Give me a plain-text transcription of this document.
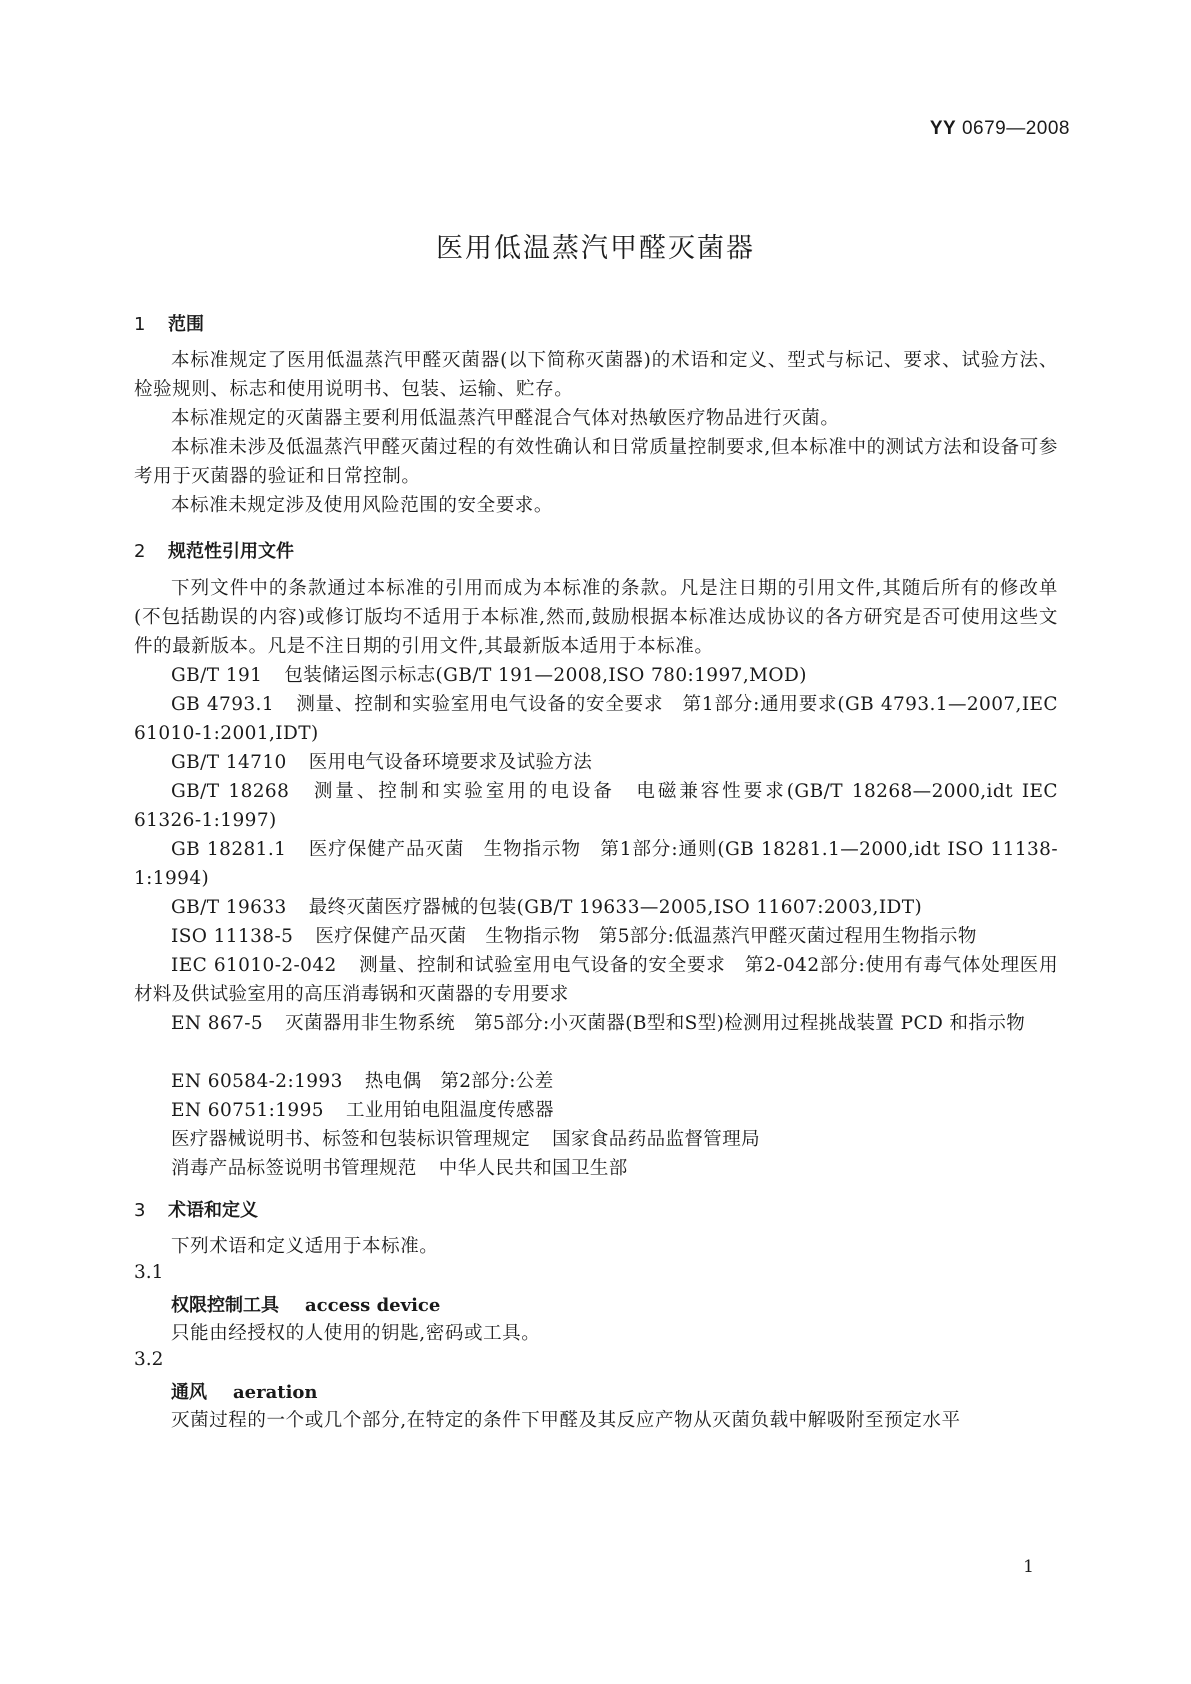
YY 0679—2008
医用低温蒸汽甲醛灭菌器
1 范围
本标准规定了医用低温蒸汽甲醛灭菌器(以下简称灭菌器)的术语和定义、型式与标记、要求、试验方法、检验规则、标志和使用说明书、包装、运输、贮存。
本标准规定的灭菌器主要利用低温蒸汽甲醛混合气体对热敏医疗物品进行灭菌。
本标准未涉及低温蒸汽甲醛灭菌过程的有效性确认和日常质量控制要求,但本标准中的测试方法和设备可参考用于灭菌器的验证和日常控制。
本标准未规定涉及使用风险范围的安全要求。
2 规范性引用文件
下列文件中的条款通过本标准的引用而成为本标准的条款。凡是注日期的引用文件,其随后所有的修改单(不包括勘误的内容)或修订版均不适用于本标准,然而,鼓励根据本标准达成协议的各方研究是否可使用这些文件的最新版本。凡是不注日期的引用文件,其最新版本适用于本标准。
GB/T 191 包装储运图示标志(GB/T 191—2008,ISO 780:1997,MOD)
GB 4793.1 测量、控制和实验室用电气设备的安全要求　第1部分:通用要求(GB 4793.1—2007,IEC 61010-1:2001,IDT)
GB/T 14710 医用电气设备环境要求及试验方法
GB/T 18268 测量、控制和实验室用的电设备　电磁兼容性要求(GB/T 18268—2000,idt IEC 61326-1:1997)
GB 18281.1 医疗保健产品灭菌　生物指示物　第1部分:通则(GB 18281.1—2000,idt ISO 11138-1:1994)
GB/T 19633 最终灭菌医疗器械的包装(GB/T 19633—2005,ISO 11607:2003,IDT)
ISO 11138-5 医疗保健产品灭菌　生物指示物　第5部分:低温蒸汽甲醛灭菌过程用生物指示物
IEC 61010-2-042 测量、控制和试验室用电气设备的安全要求　第2-042部分:使用有毒气体处理医用材料及供试验室用的高压消毒锅和灭菌器的专用要求
EN 867-5 灭菌器用非生物系统　第5部分:小灭菌器(B型和S型)检测用过程挑战装置 PCD 和指示物
EN 60584-2:1993 热电偶　第2部分:公差
EN 60751:1995 工业用铂电阻温度传感器
医疗器械说明书、标签和包装标识管理规定 国家食品药品监督管理局
消毒产品标签说明书管理规范 中华人民共和国卫生部
3 术语和定义
下列术语和定义适用于本标准。
3.1
权限控制工具 access device
只能由经授权的人使用的钥匙,密码或工具。
3.2
通风 aeration
灭菌过程的一个或几个部分,在特定的条件下甲醛及其反应产物从灭菌负载中解吸附至预定水平
1
